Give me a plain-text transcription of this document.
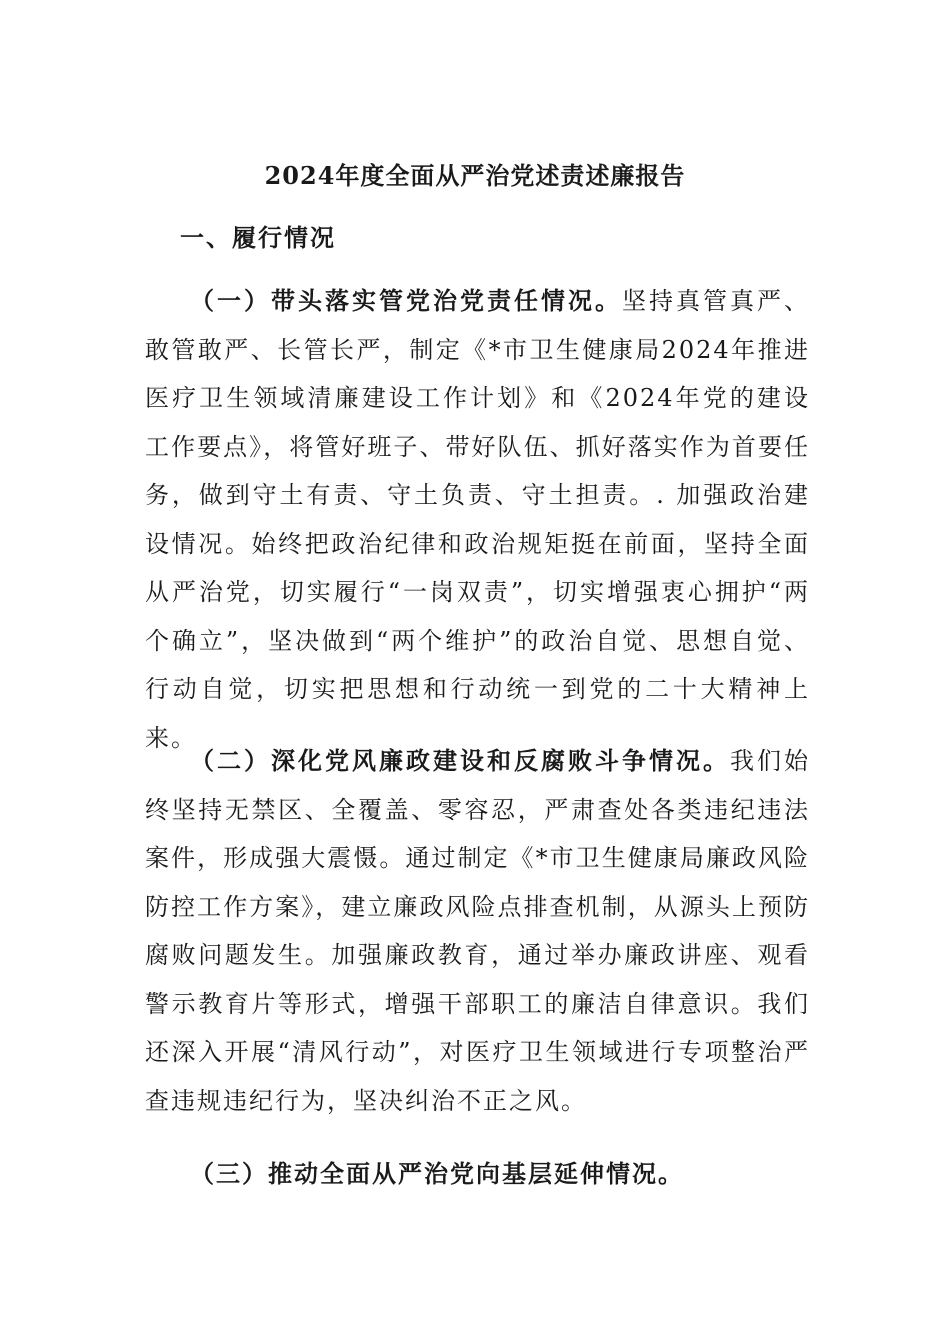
2024年度全面从严治党述责述廉报告
一、履行情况

（一）带头落实管党治党责任情况。坚持真管真严、敢管敢严、长管长严，制定《*市卫生健康局2024年推进医疗卫生领域清廉建设工作计划》和《2024年党的建设工作要点》，将管好班子、带好队伍、抓好落实作为首要任务，做到守土有责、守土负责、守土担责。. 加强政治建设情况。始终把政治纪律和政治规矩挺在前面，坚持全面从严治党，切实履行“一岗双责”，切实增强衷心拥护“两个确立”，坚决做到“两个维护”的政治自觉、思想自觉、行动自觉，切实把思想和行动统一到党的二十大精神上来。

（二）深化党风廉政建设和反腐败斗争情况。我们始终坚持无禁区、全覆盖、零容忍，严肃查处各类违纪违法案件，形成强大震慑。通过制定《*市卫生健康局廉政风险防控工作方案》，建立廉政风险点排查机制，从源头上预防腐败问题发生。加强廉政教育，通过举办廉政讲座、观看警示教育片等形式，增强干部职工的廉洁自律意识。我们还深入开展“清风行动”，对医疗卫生领域进行专项整治严查违规违纪行为，坚决纠治不正之风。

（三）推动全面从严治党向基层延伸情况。
